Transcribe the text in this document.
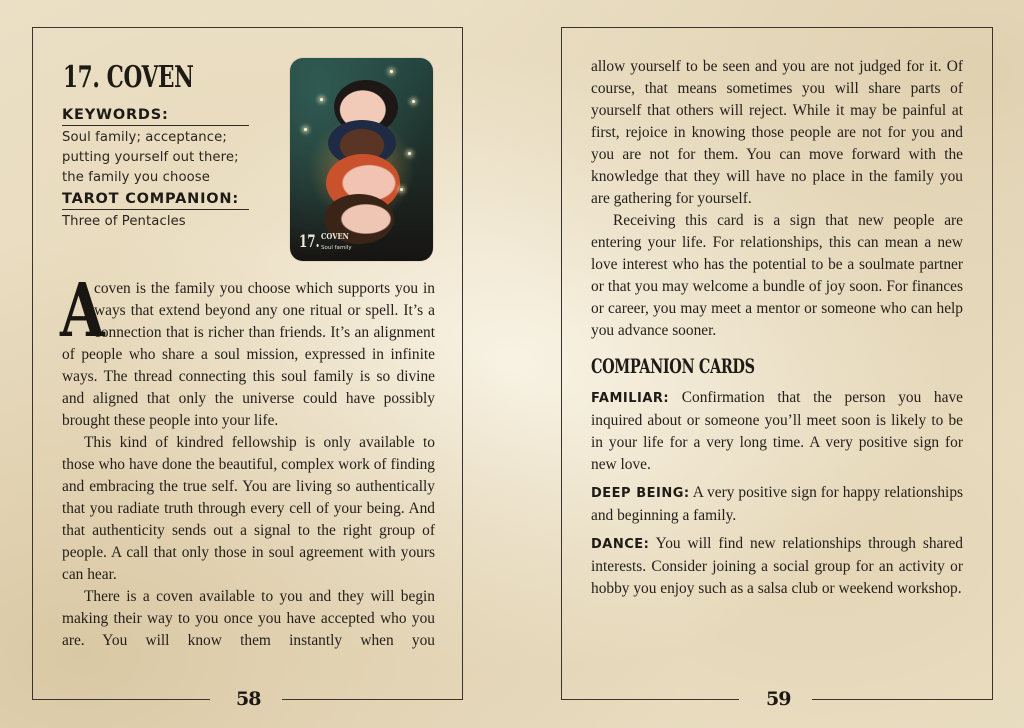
17. COVEN
KEYWORDS:
Soul family; acceptance; putting yourself out there; the family you choose
TAROT COMPANION:
Three of Pentacles
17. COVEN
Soul family

A
coven is the family you choose which supports you in ways that extend beyond any one ritual or spell. It’s a connection that is richer than friends. It’s an alignment of people who share a soul mission, expressed in infinite ways. The thread connecting this soul family is so divine and aligned that only the universe could have possibly brought these people into your life.

This kind of kindred fellowship is only available to those who have done the beautiful, complex work of finding and embracing the true self. You are living so authentically that you radiate truth through every cell of your being. And that authenticity sends out a signal to the right group of people. A call that only those in soul agreement with yours can hear.

There is a coven available to you and they will begin making their way to you once you have accepted who you are. You will know them instantly when you

58

allow yourself to be seen and you are not judged for it. Of course, that means sometimes you will share parts of yourself that others will reject. While it may be painful at first, rejoice in knowing those people are not for you and you are not for them. You can move forward with the knowledge that they will have no place in the family you are gathering for yourself.

Receiving this card is a sign that new people are entering your life. For relationships, this can mean a new love interest who has the potential to be a soulmate partner or that you may welcome a bundle of joy soon. For finances or career, you may meet a mentor or someone who can help you advance sooner.

COMPANION CARDS

FAMILIAR: Confirmation that the person you have inquired about or someone you’ll meet soon is likely to be in your life for a very long time. A very positive sign for new love.

DEEP BEING: A very positive sign for happy relationships and beginning a family.

DANCE: You will find new relationships through shared interests. Consider joining a social group for an activity or hobby you enjoy such as a salsa club or weekend workshop.

59
